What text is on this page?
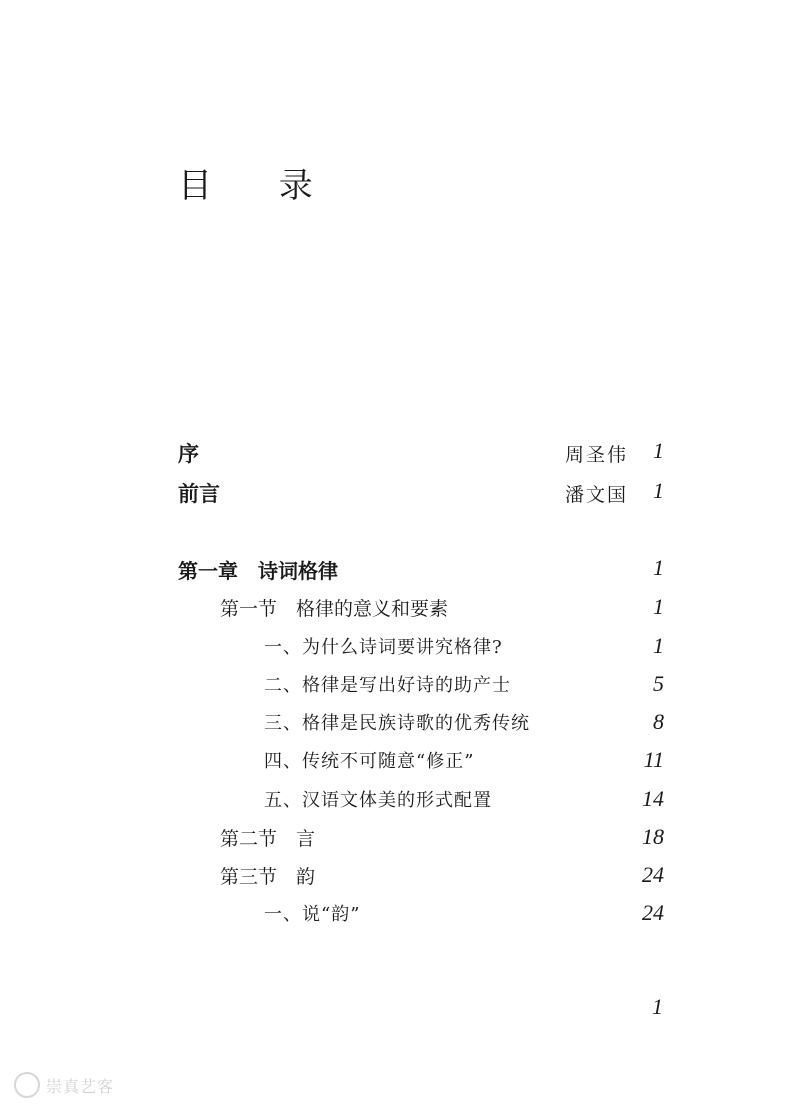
目 录
序	周圣伟 1
前言	潘文国 1
第一章　诗词格律	1
第一节　格律的意义和要素	1
一、为什么诗词要讲究格律?	1
二、格律是写出好诗的助产士	5
三、格律是民族诗歌的优秀传统	8
四、传统不可随意“修正”	11
五、汉语文体美的形式配置	14
第二节　言	18
第三节　韵	24
一、说“韵”	24
1
崇真艺客
